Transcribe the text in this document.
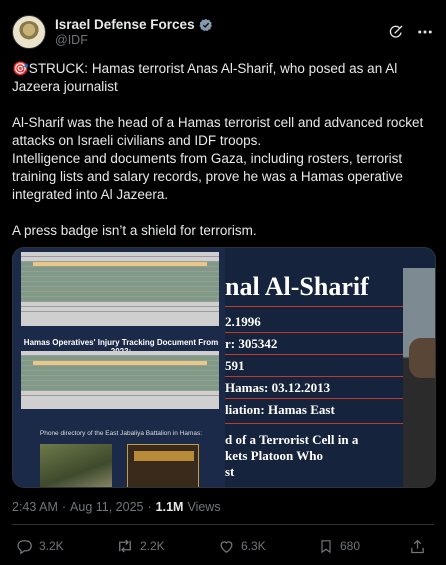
Israel Defense Forces
@IDF

🎯STRUCK: Hamas terrorist Anas Al-Sharif, who posed as an Al Jazeera journalist

Al-Sharif was the head of a Hamas terrorist cell and advanced rocket attacks on Israeli civilians and IDF troops.
Intelligence and documents from Gaza, including rosters, terrorist training lists and salary records, prove he was a Hamas operative integrated into Al Jazeera.

A press badge isn’t a shield for terrorism.

Hamas Operatives' Injury Tracking Document From
Phone directory of the East Jabaliya Battalion in Hamas:
nal Al-Sharif
2.1996
r: 305342
591
Hamas: 03.12.2013
liation: Hamas East
d of a Terrorist Cell in a
kets Platoon Who
st
2:43 AM · Aug 11, 2025 · 1.1M Views
3.2K	2.2K	6.3K	680
